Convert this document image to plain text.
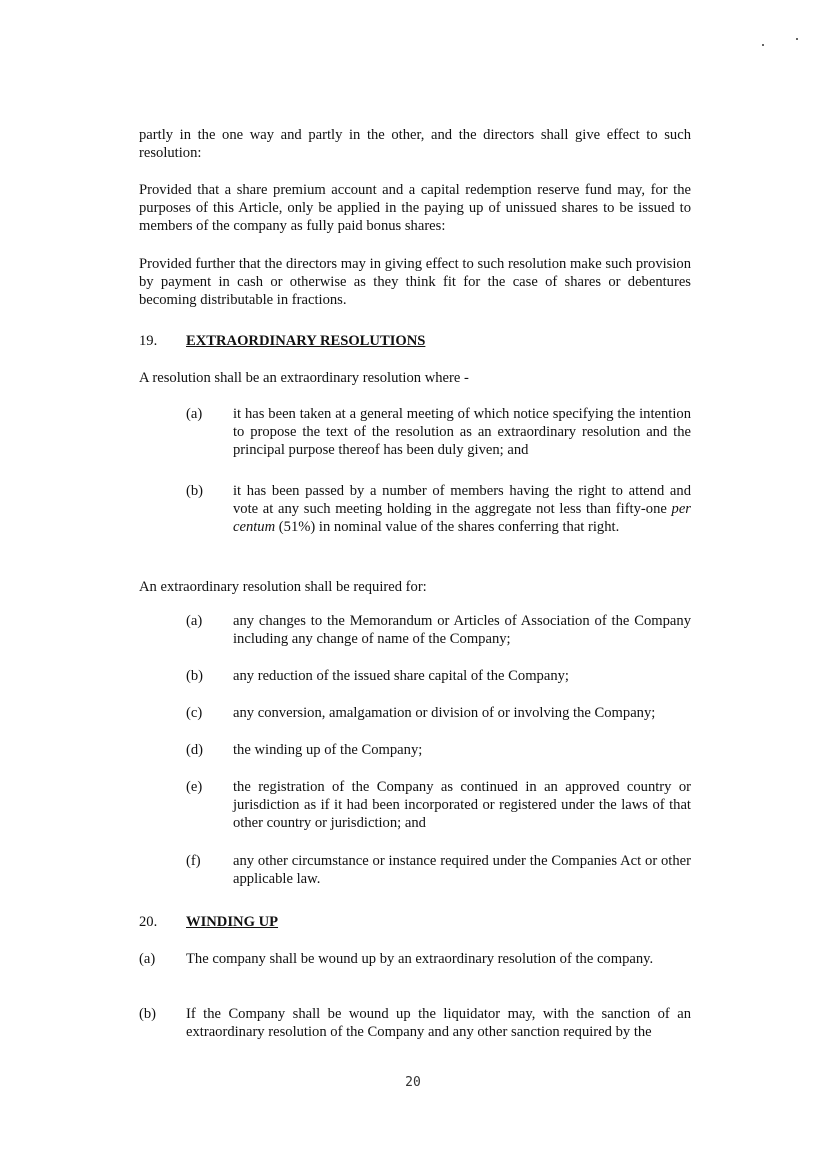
partly in the one way and partly in the other, and the directors shall give effect to such resolution:

Provided that a share premium account and a capital redemption reserve fund may, for the purposes of this Article, only be applied in the paying up of unissued shares to be issued to members of the company as fully paid bonus shares:

Provided further that the directors may in giving effect to such resolution make such provision by payment in cash or otherwise as they think fit for the case of shares or debentures becoming distributable in fractions.

19. EXTRAORDINARY RESOLUTIONS

A resolution shall be an extraordinary resolution where -

(a) it has been taken at a general meeting of which notice specifying the intention to propose the text of the resolution as an extraordinary resolution and the principal purpose thereof has been duly given; and
(b) it has been passed by a number of members having the right to attend and vote at any such meeting holding in the aggregate not less than fifty-one per centum (51%) in nominal value of the shares conferring that right.

An extraordinary resolution shall be required for:

(a) any changes to the Memorandum or Articles of Association of the Company including any change of name of the Company;
(b) any reduction of the issued share capital of the Company;
(c) any conversion, amalgamation or division of or involving the Company;
(d) the winding up of the Company;
(e) the registration of the Company as continued in an approved country or jurisdiction as if it had been incorporated or registered under the laws of that other country or jurisdiction; and
(f) any other circumstance or instance required under the Companies Act or other applicable law.
20. WINDING UP
(a) The company shall be wound up by an extraordinary resolution of the company.
(b) If the Company shall be wound up the liquidator may, with the sanction of an extraordinary resolution of the Company and any other sanction required by the
20
